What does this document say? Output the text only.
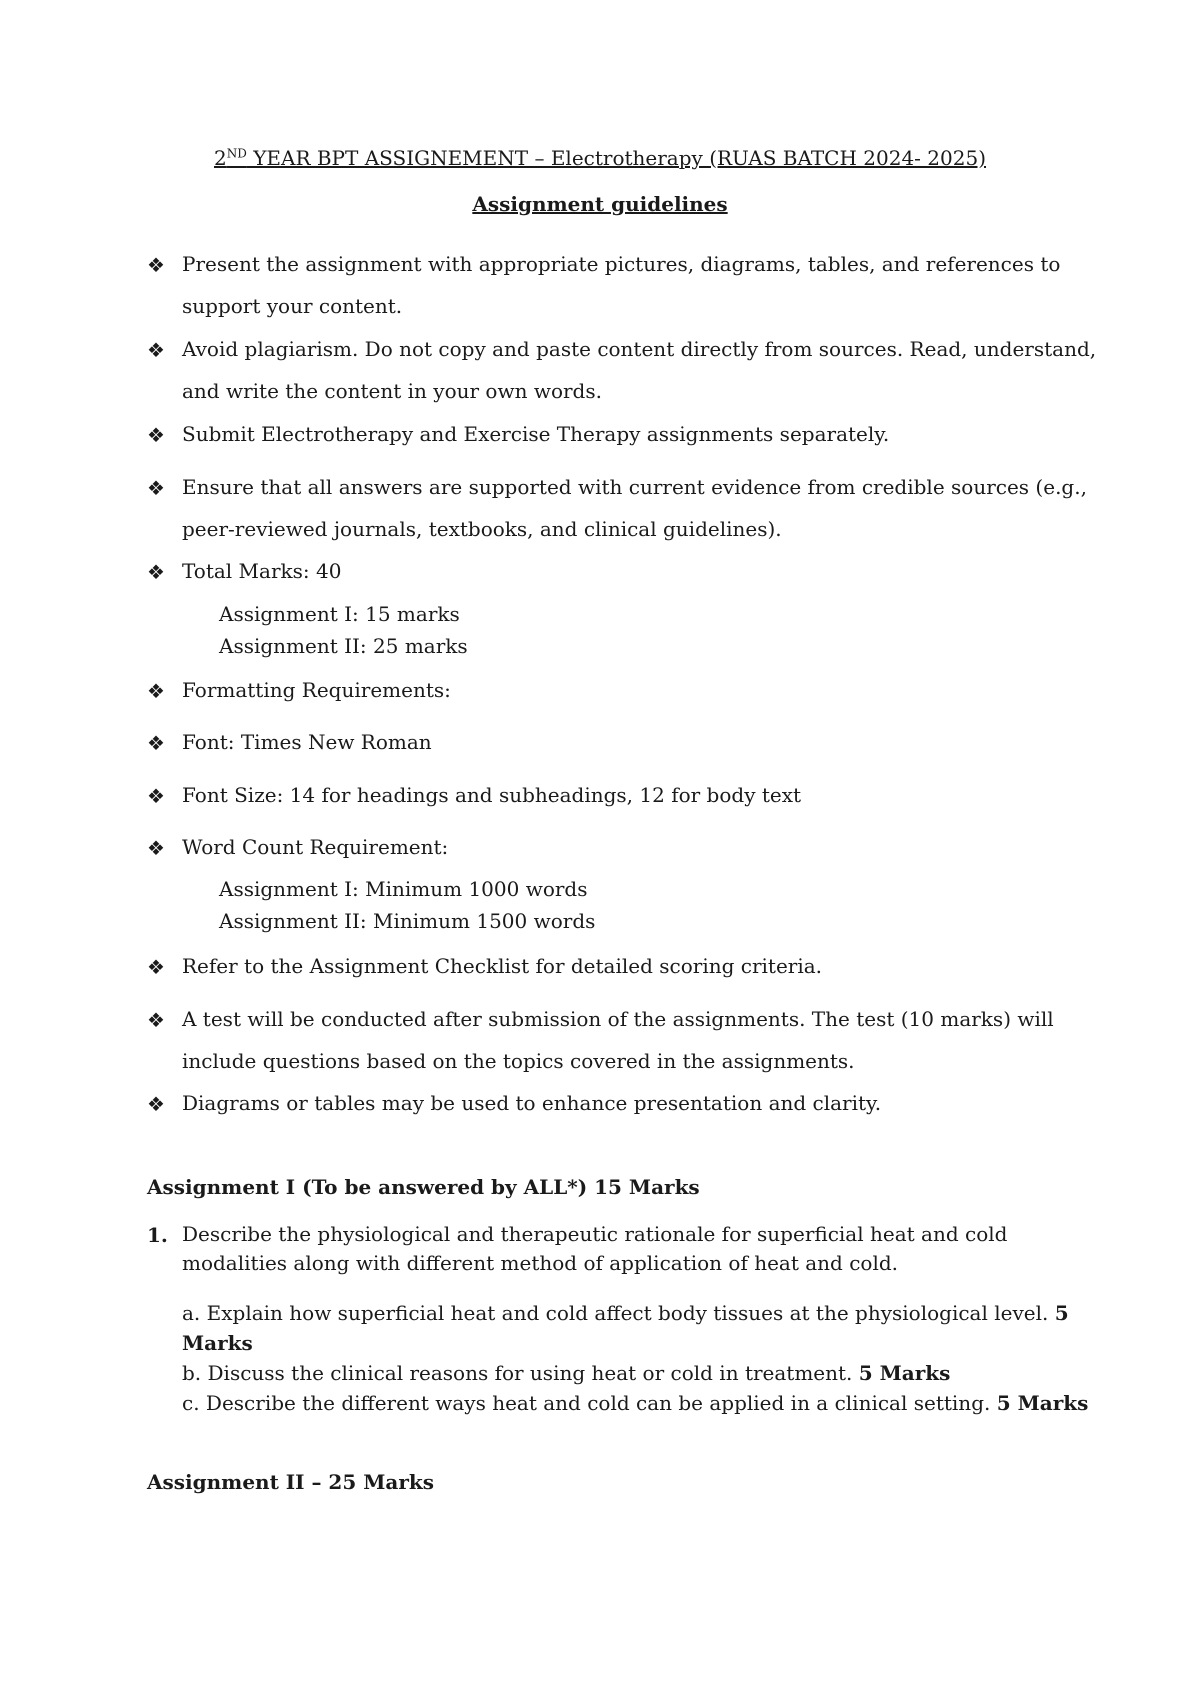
2ND YEAR BPT ASSIGNEMENT – Electrotherapy (RUAS BATCH 2024- 2025)
Assignment guidelines
❖ Present the assignment with appropriate pictures, diagrams, tables, and references to
support your content.
❖ Avoid plagiarism. Do not copy and paste content directly from sources. Read, understand,
and write the content in your own words.
❖ Submit Electrotherapy and Exercise Therapy assignments separately.
❖ Ensure that all answers are supported with current evidence from credible sources (e.g.,
peer-reviewed journals, textbooks, and clinical guidelines).
❖ Total Marks: 40
Assignment I: 15 marks
Assignment II: 25 marks
❖ Formatting Requirements:
❖ Font: Times New Roman
❖ Font Size: 14 for headings and subheadings, 12 for body text
❖ Word Count Requirement:
Assignment I: Minimum 1000 words
Assignment II: Minimum 1500 words
❖ Refer to the Assignment Checklist for detailed scoring criteria.
❖ A test will be conducted after submission of the assignments. The test (10 marks) will
include questions based on the topics covered in the assignments.
❖ Diagrams or tables may be used to enhance presentation and clarity.
Assignment I (To be answered by ALL*) 15 Marks
1. Describe the physiological and therapeutic rationale for superficial heat and cold
modalities along with different method of application of heat and cold.
a. Explain how superficial heat and cold affect body tissues at the physiological level. 5
Marks
b. Discuss the clinical reasons for using heat or cold in treatment. 5 Marks
c. Describe the different ways heat and cold can be applied in a clinical setting. 5 Marks
Assignment II – 25 Marks
